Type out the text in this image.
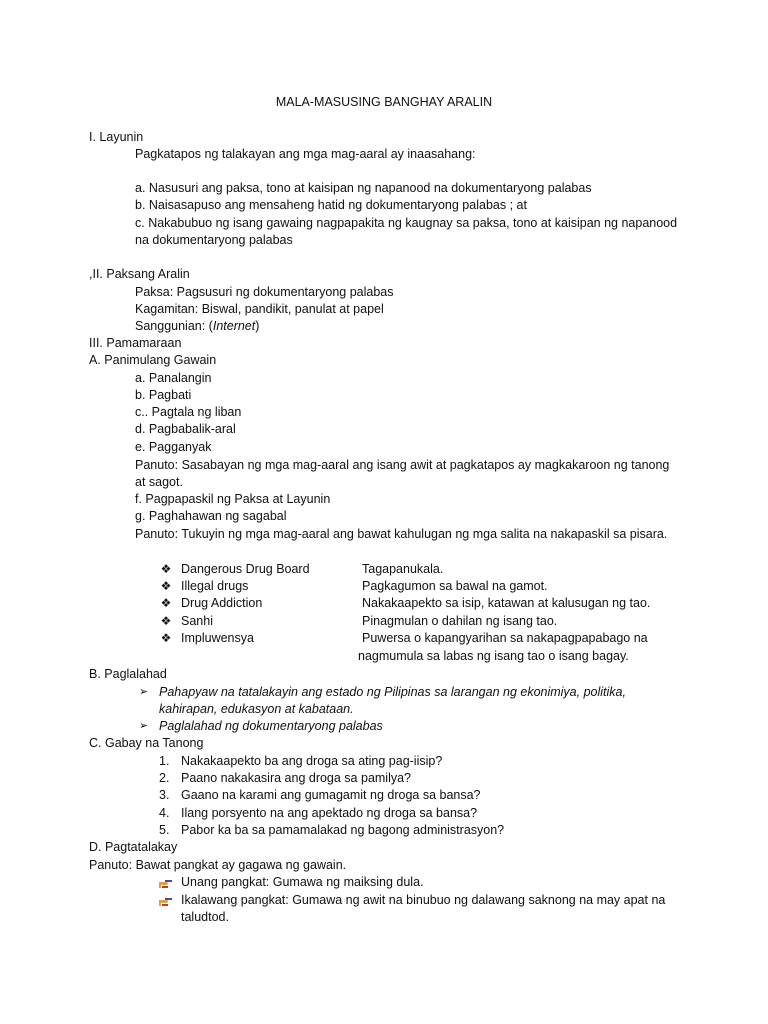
MALA-MASUSING BANGHAY ARALIN
I. Layunin
Pagkatapos ng talakayan ang mga mag-aaral ay inaasahang:
a. Nasusuri ang paksa, tono at kaisipan ng napanood na dokumentaryong palabas
b. Naisasapuso ang mensaheng hatid ng dokumentaryong palabas ; at
c. Nakabubuo ng isang gawaing nagpapakita ng kaugnay sa paksa, tono at kaisipan ng napanood
na dokumentaryong palabas
,II. Paksang Aralin
Paksa: Pagsusuri ng dokumentaryong palabas
Kagamitan: Biswal, pandikit, panulat at papel
Sanggunian: (Internet)
III. Pamamaraan
A. Panimulang Gawain
a. Panalangin
b. Pagbati
c.. Pagtala ng liban
d. Pagbabalik-aral
e. Pagganyak
Panuto: Sasabayan ng mga mag-aaral ang isang awit at pagkatapos ay magkakaroon ng tanong
at sagot.
f. Pagpapaskil ng Paksa at Layunin
g. Paghahawan ng sagabal
Panuto: Tukuyin ng mga mag-aaral ang bawat kahulugan ng mga salita na nakapaskil sa pisara.
❖ Dangerous Drug Board	Tagapanukala.
❖ Illegal drugs	Pagkagumon sa bawal na gamot.
❖ Drug Addiction	Nakakaapekto sa isip, katawan at kalusugan ng tao.
❖ Sanhi	Pinagmulan o dahilan ng isang tao.
❖ Impluwensya	Puwersa o kapangyarihan sa nakapagpapabago na
nagmumula sa labas ng isang tao o isang bagay.
B. Paglalahad
➢ Pahapyaw na tatalakayin ang estado ng Pilipinas sa larangan ng ekonimiya, politika,
kahirapan, edukasyon at kabataan.
➢ Paglalahad ng dokumentaryong palabas
C. Gabay na Tanong
1. Nakakaapekto ba ang droga sa ating pag-iisip?
2. Paano nakakasira ang droga sa pamilya?
3. Gaano na karami ang gumagamit ng droga sa bansa?
4. Ilang porsyento na ang apektado ng droga sa bansa?
5. Pabor ka ba sa pamamalakad ng bagong administrasyon?
D. Pagtatalakay
Panuto: Bawat pangkat ay gagawa ng gawain.
Unang pangkat: Gumawa ng maiksing dula.
Ikalawang pangkat: Gumawa ng awit na binubuo ng dalawang saknong na may apat na
taludtod.
